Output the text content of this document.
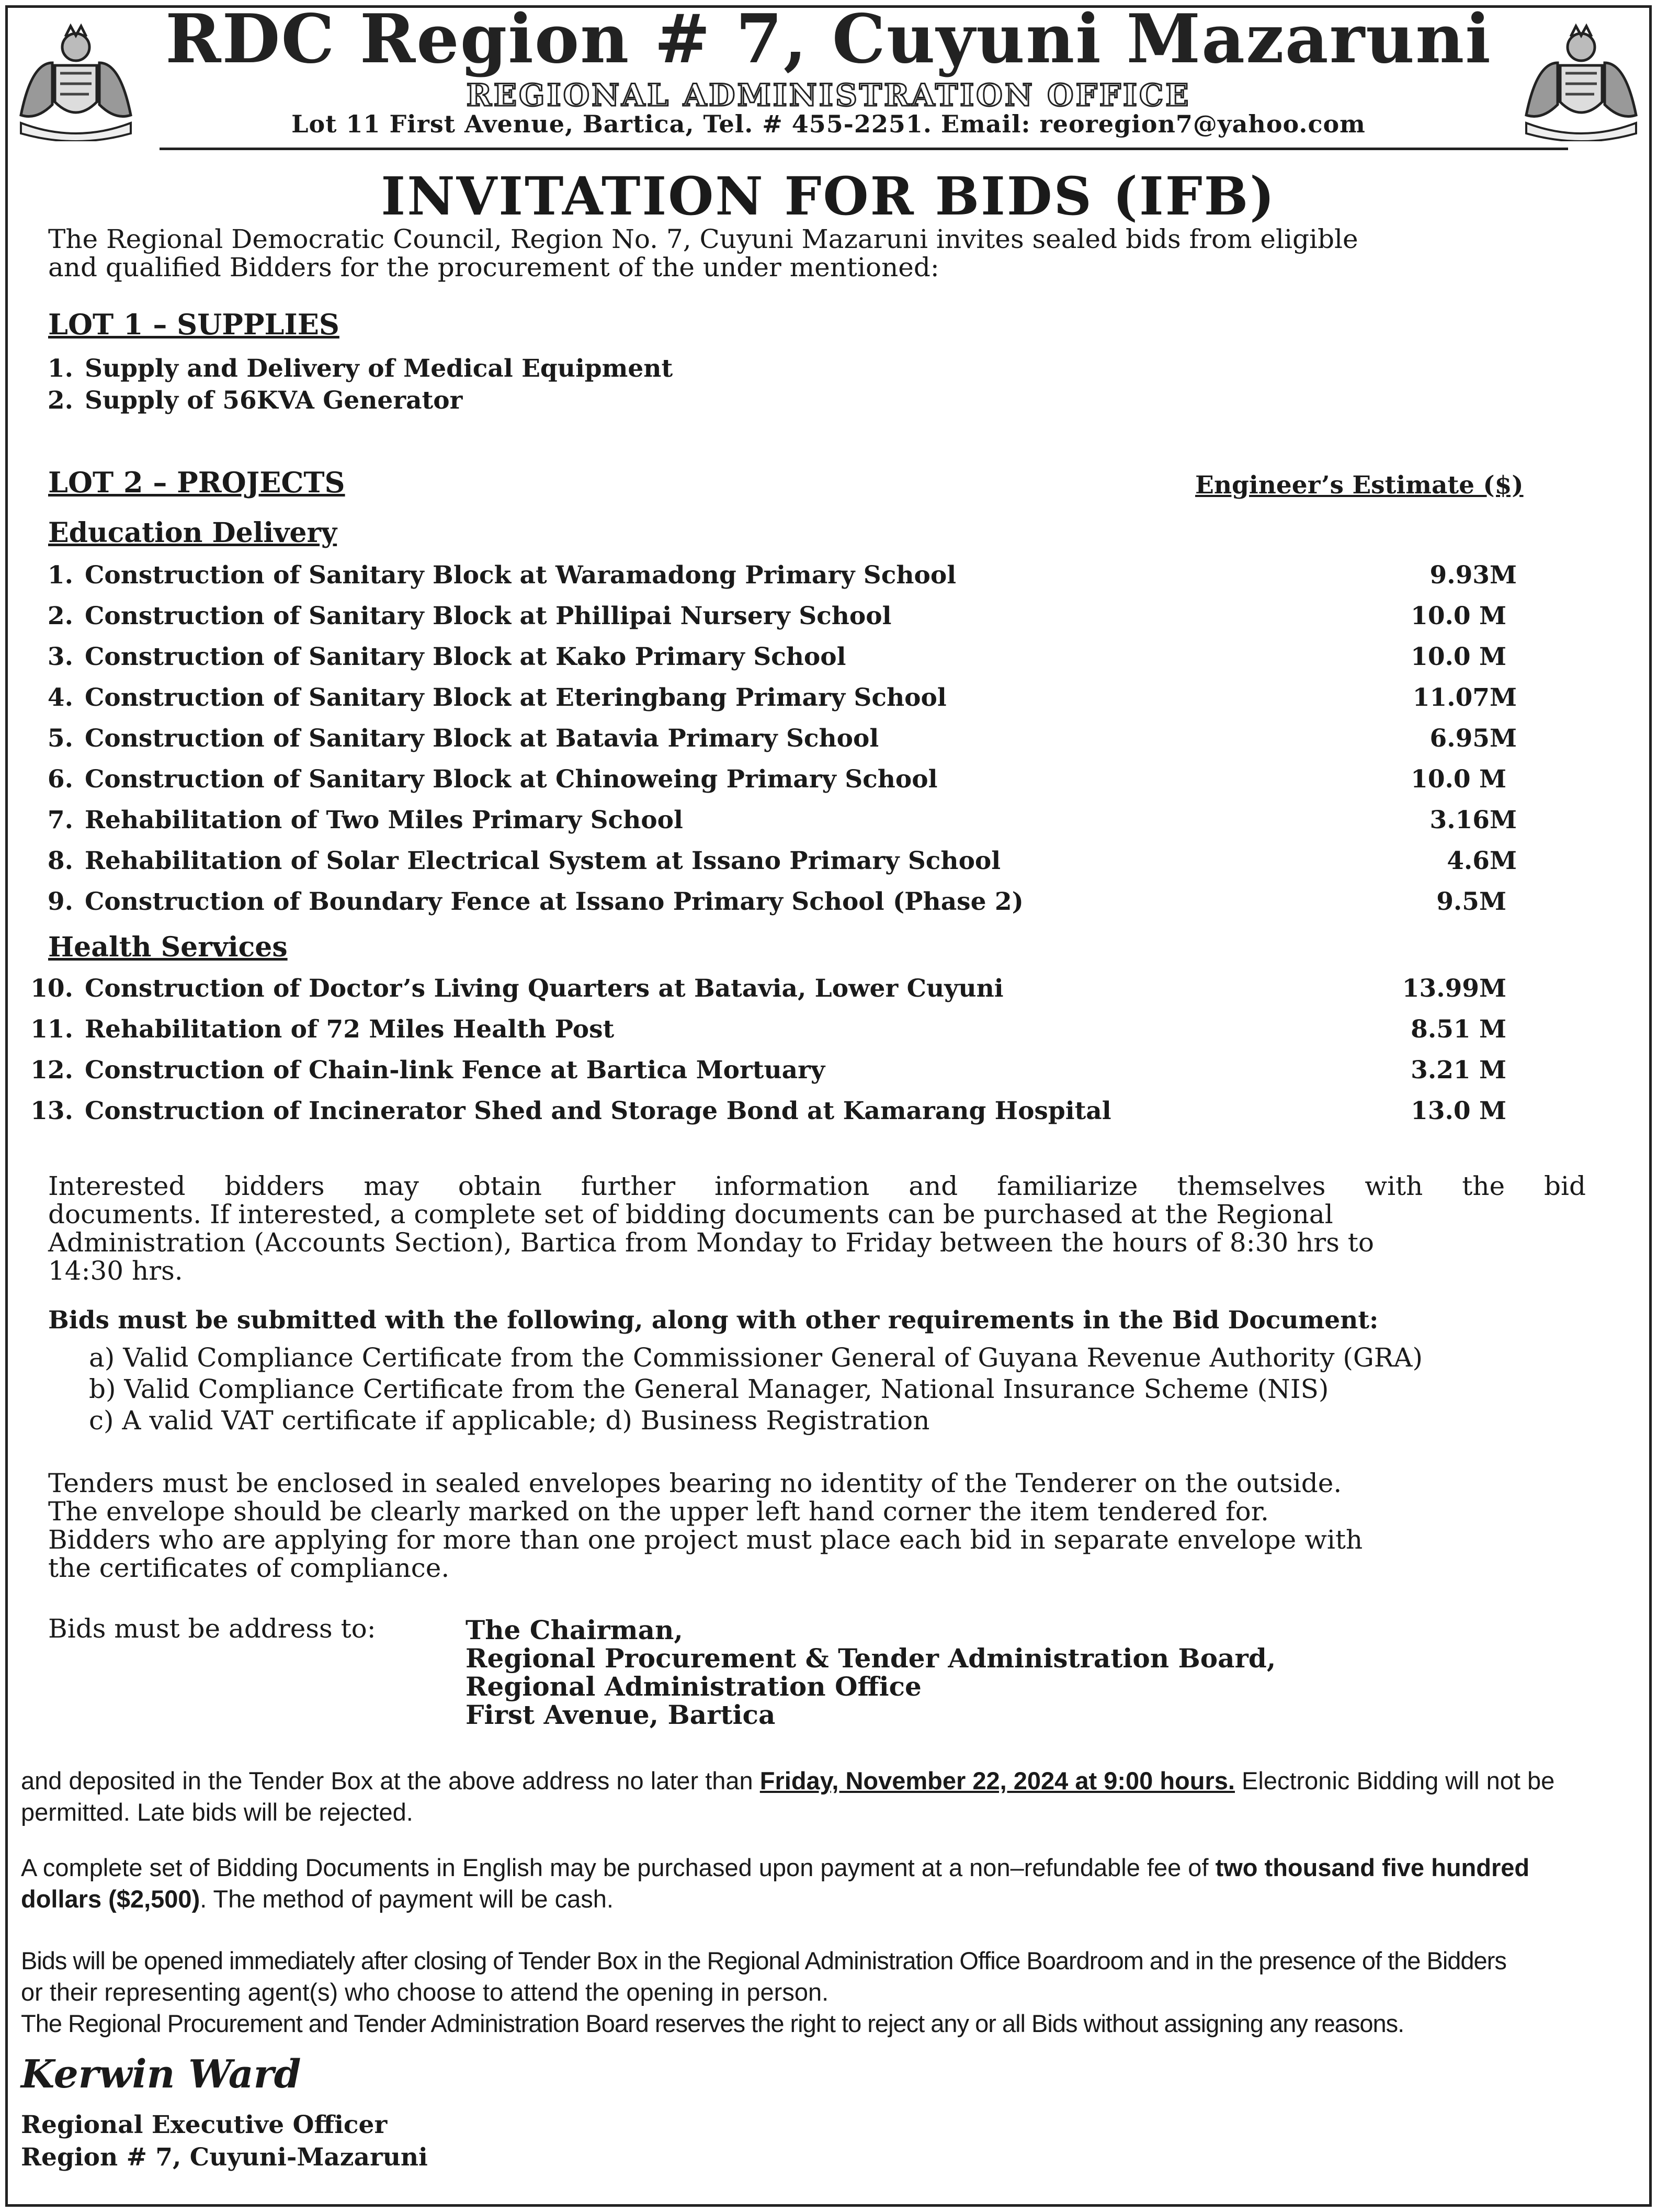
RDC Region # 7, Cuyuni Mazaruni
REGIONAL ADMINISTRATION OFFICE
Lot 11 First Avenue, Bartica, Tel. # 455-2251. Email: reoregion7@yahoo.com
INVITATION FOR BIDS (IFB)
The Regional Democratic Council, Region No. 7, Cuyuni Mazaruni invites sealed bids from eligible
and qualified Bidders for the procurement of the under mentioned:
LOT 1 – SUPPLIES
1. Supply and Delivery of Medical Equipment
2. Supply of 56KVA Generator
LOT 2 – PROJECTS	Engineer’s Estimate ($)
Education Delivery
1. Construction of Sanitary Block at Waramadong Primary School	9.93M
2. Construction of Sanitary Block at Phillipai Nursery School	10.0 M
3. Construction of Sanitary Block at Kako Primary School	10.0 M
4. Construction of Sanitary Block at Eteringbang Primary School	11.07M
5. Construction of Sanitary Block at Batavia Primary School	6.95M
6. Construction of Sanitary Block at Chinoweing Primary School	10.0 M
7. Rehabilitation of Two Miles Primary School	3.16M
8. Rehabilitation of Solar Electrical System at Issano Primary School	4.6M
9. Construction of Boundary Fence at Issano Primary School (Phase 2)	9.5M
Health Services
10. Construction of Doctor’s Living Quarters at Batavia, Lower Cuyuni	13.99M
11. Rehabilitation of 72 Miles Health Post	8.51 M
12. Construction of Chain-link Fence at Bartica Mortuary	3.21 M
13. Construction of Incinerator Shed and Storage Bond at Kamarang Hospital	13.0 M
Interested bidders may obtain further information and familiarize themselves with the bid
documents. If interested, a complete set of bidding documents can be purchased at the Regional
Administration (Accounts Section), Bartica from Monday to Friday between the hours of 8:30 hrs to
14:30 hrs.
Bids must be submitted with the following, along with other requirements in the Bid Document:
a) Valid Compliance Certificate from the Commissioner General of Guyana Revenue Authority (GRA)
b) Valid Compliance Certificate from the General Manager, National Insurance Scheme (NIS)
c) A valid VAT certificate if applicable; d) Business Registration
Tenders must be enclosed in sealed envelopes bearing no identity of the Tenderer on the outside.
The envelope should be clearly marked on the upper left hand corner the item tendered for.
Bidders who are applying for more than one project must place each bid in separate envelope with
the certificates of compliance.
Bids must be address to:	The Chairman,
Regional Procurement & Tender Administration Board,
Regional Administration Office
First Avenue, Bartica
and deposited in the Tender Box at the above address no later than Friday, November 22, 2024 at 9:00 hours. Electronic Bidding will not be
permitted. Late bids will be rejected.
A complete set of Bidding Documents in English may be purchased upon payment at a non–refundable fee of two thousand five hundred
dollars ($2,500). The method of payment will be cash.
Bids will be opened immediately after closing of Tender Box in the Regional Administration Office Boardroom and in the presence of the Bidders
or their representing agent(s) who choose to attend the opening in person.
The Regional Procurement and Tender Administration Board reserves the right to reject any or all Bids without assigning any reasons.
Kerwin Ward
Regional Executive Officer
Region # 7, Cuyuni-Mazaruni
